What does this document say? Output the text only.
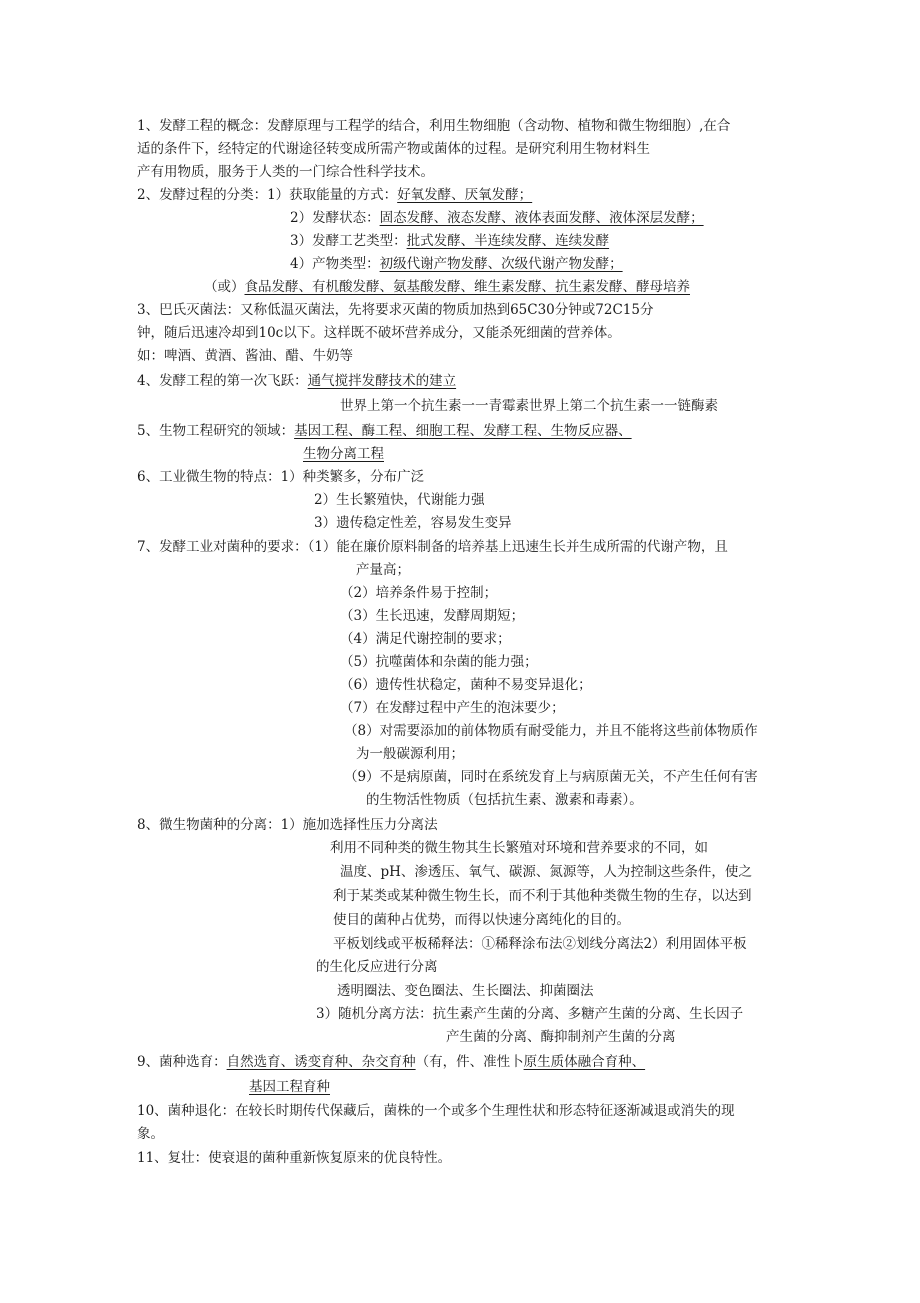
1、发酵工程的概念：发酵原理与工程学的结合，利用生物细胞（含动物、植物和微生物细胞）,在合
适的条件下，经特定的代谢途径转变成所需产物或菌体的过程。是研究利用生物材料生
产有用物质，服务于人类的一门综合性科学技术。
2、发酵过程的分类：1）获取能量的方式：好氧发酵、厌氧发酵；
2）发酵状态：固态发酵、液态发酵、液体表面发酵、液体深层发酵；
3）发酵工艺类型：批式发酵、半连续发酵、连续发酵
4）产物类型：初级代谢产物发酵、次级代谢产物发酵；
（或）食品发酵、有机酸发酵、氨基酸发酵、维生素发酵、抗生素发酵、酵母培养
3、巴氏灭菌法：又称低温灭菌法，先将要求灭菌的物质加热到65C30分钟或72C15分
钟，随后迅速冷却到10c以下。这样既不破坏营养成分，又能杀死细菌的营养体。
如：啤酒、黄酒、酱油、醋、牛奶等
4、发酵工程的第一次飞跃：通气搅拌发酵技术的建立
世界上第一个抗生素一一青霉素世界上第二个抗生素一一链酶素
5、生物工程研究的领域：基因工程、酶工程、细胞工程、发酵工程、生物反应器、
生物分离工程
6、工业微生物的特点：1）种类繁多，分布广泛
2）生长繁殖快，代谢能力强
3）遗传稳定性差，容易发生变异
7、发酵工业对菌种的要求：（1）能在廉价原料制备的培养基上迅速生长并生成所需的代谢产物，且
产量高；
（2）培养条件易于控制；
（3）生长迅速，发酵周期短；
（4）满足代谢控制的要求；
（5）抗噬菌体和杂菌的能力强；
（6）遗传性状稳定，菌种不易变异退化；
（7）在发酵过程中产生的泡沫要少；
（8）对需要添加的前体物质有耐受能力，并且不能将这些前体物质作
为一般碳源利用；
（9）不是病原菌，同时在系统发育上与病原菌无关，不产生任何有害
的生物活性物质（包括抗生素、激素和毒素）。
8、微生物菌种的分离：1）施加选择性压力分离法
利用不同种类的微生物其生长繁殖对环境和营养要求的不同，如
温度、pH、渗透压、氧气、碳源、氮源等，人为控制这些条件，使之
利于某类或某种微生物生长，而不利于其他种类微生物的生存，以达到
使目的菌种占优势，而得以快速分离纯化的目的。
平板划线或平板稀释法：①稀释涂布法②划线分离法2）利用固体平板
的生化反应进行分离
透明圈法、变色圈法、生长圈法、抑菌圈法
3）随机分离方法：抗生素产生菌的分离、多糖产生菌的分离、生长因子
产生菌的分离、酶抑制剂产生菌的分离
9、菌种选育：自然选育、诱变育种、杂交育种（有，件、准性卜原生质体融合育种、
基因工程育种
10、菌种退化：在较长时期传代保藏后，菌株的一个或多个生理性状和形态特征逐渐减退或消失的现
象。
11、复壮：使衰退的菌种重新恢复原来的优良特性。
